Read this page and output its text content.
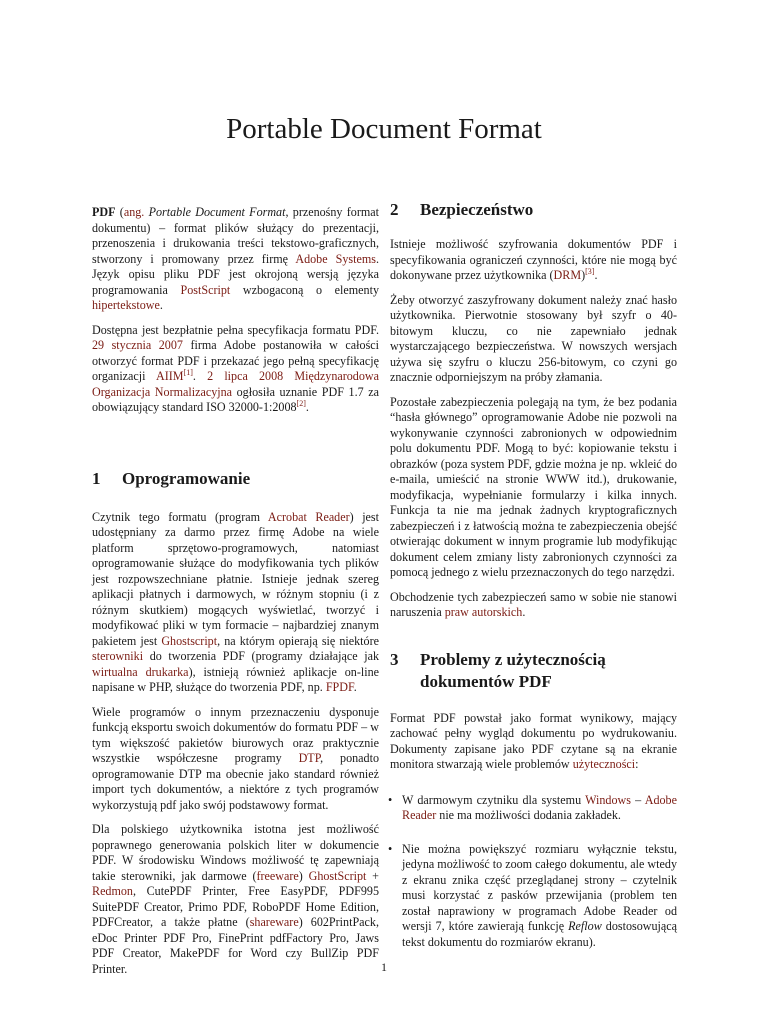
Portable Document Format

PDF (ang. Portable Document Format, przenośny format dokumentu) – format plików służący do prezentacji, przenoszenia i drukowania treści tekstowo-graficznych, stworzony i promowany przez firmę Adobe Systems. Język opisu pliku PDF jest okrojoną wersją języka programowania PostScript wzbogaconą o elementy hipertekstowe.

Dostępna jest bezpłatnie pełna specyfikacja formatu PDF. 29 stycznia 2007 firma Adobe postanowiła w całości otworzyć format PDF i przekazać jego pełną specyfikację organizacji AIIM[1]. 2 lipca 2008 Międzynarodowa Organizacja Normalizacyjna ogłosiła uznanie PDF 1.7 za obowiązujący standard ISO 32000-1:2008[2].

1	Oprogramowanie

Czytnik tego formatu (program Acrobat Reader) jest udostępniany za darmo przez firmę Adobe na wiele platform sprzętowo-programowych, natomiast oprogramowanie służące do modyfikowania tych plików jest rozpowszechniane płatnie. Istnieje jednak szereg aplikacji płatnych i darmowych, w różnym stopniu (i z różnym skutkiem) mogących wyświetlać, tworzyć i modyfikować pliki w tym formacie – najbardziej znanym pakietem jest Ghostscript, na którym opierają się niektóre sterowniki do tworzenia PDF (programy działające jak wirtualna drukarka), istnieją również aplikacje on-line napisane w PHP, służące do tworzenia PDF, np. FPDF.

Wiele programów o innym przeznaczeniu dysponuje funkcją eksportu swoich dokumentów do formatu PDF – w tym większość pakietów biurowych oraz praktycznie wszystkie współczesne programy DTP, ponadto oprogramowanie DTP ma obecnie jako standard również import tych dokumentów, a niektóre z tych programów wykorzystują pdf jako swój podstawowy format.

Dla polskiego użytkownika istotna jest możliwość poprawnego generowania polskich liter w dokumencie PDF. W środowisku Windows możliwość tę zapewniają takie sterowniki, jak darmowe (freeware) GhostScript + Redmon, CutePDF Printer, Free EasyPDF, PDF995 SuitePDF Creator, Primo PDF, RoboPDF Home Edition, PDFCreator, a także płatne (shareware) 602PrintPack, eDoc Printer PDF Pro, FinePrint pdfFactory Pro, Jaws PDF Creator, MakePDF for Word czy BullZip PDF Printer.

2	Bezpieczeństwo

Istnieje możliwość szyfrowania dokumentów PDF i specyfikowania ograniczeń czynności, które nie mogą być dokonywane przez użytkownika (DRM)[3].

Żeby otworzyć zaszyfrowany dokument należy znać hasło użytkownika. Pierwotnie stosowany był szyfr o 40-bitowym kluczu, co nie zapewniało jednak wystarczającego bezpieczeństwa. W nowszych wersjach używa się szyfru o kluczu 256-bitowym, co czyni go znacznie odporniejszym na próby złamania.

Pozostałe zabezpieczenia polegają na tym, że bez podania “hasła głównego” oprogramowanie Adobe nie pozwoli na wykonywanie czynności zabronionych w odpowiednim polu dokumentu PDF. Mogą to być: kopiowanie tekstu i obrazków (poza system PDF, gdzie można je np. wkleić do e-maila, umieścić na stronie WWW itd.), drukowanie, modyfikacja, wypełnianie formularzy i kilka innych. Funkcja ta nie ma jednak żadnych kryptograficznych zabezpieczeń i z łatwością można te zabezpieczenia obejść otwierając dokument w innym programie lub modyfikując dokument celem zmiany listy zabronionych czynności za pomocą jednego z wielu przeznaczonych do tego narzędzi.

Obchodzenie tych zabezpieczeń samo w sobie nie stanowi naruszenia praw autorskich.

3	Problemy z użytecznością dokumentów PDF

Format PDF powstał jako format wynikowy, mający zachować pełny wygląd dokumentu po wydrukowaniu. Dokumenty zapisane jako PDF czytane są na ekranie monitora stwarzają wiele problemów użyteczności:

• W darmowym czytniku dla systemu Windows – Adobe Reader nie ma możliwości dodania zakładek.
• Nie można powiększyć rozmiaru wyłącznie tekstu, jedyna możliwość to zoom całego dokumentu, ale wtedy z ekranu znika część przeglądanej strony – czytelnik musi korzystać z pasków przewijania (problem ten został naprawiony w programach Adobe Reader od wersji 7, które zawierają funkcję Reflow dostosowującą tekst dokumentu do rozmiarów ekranu).
1
